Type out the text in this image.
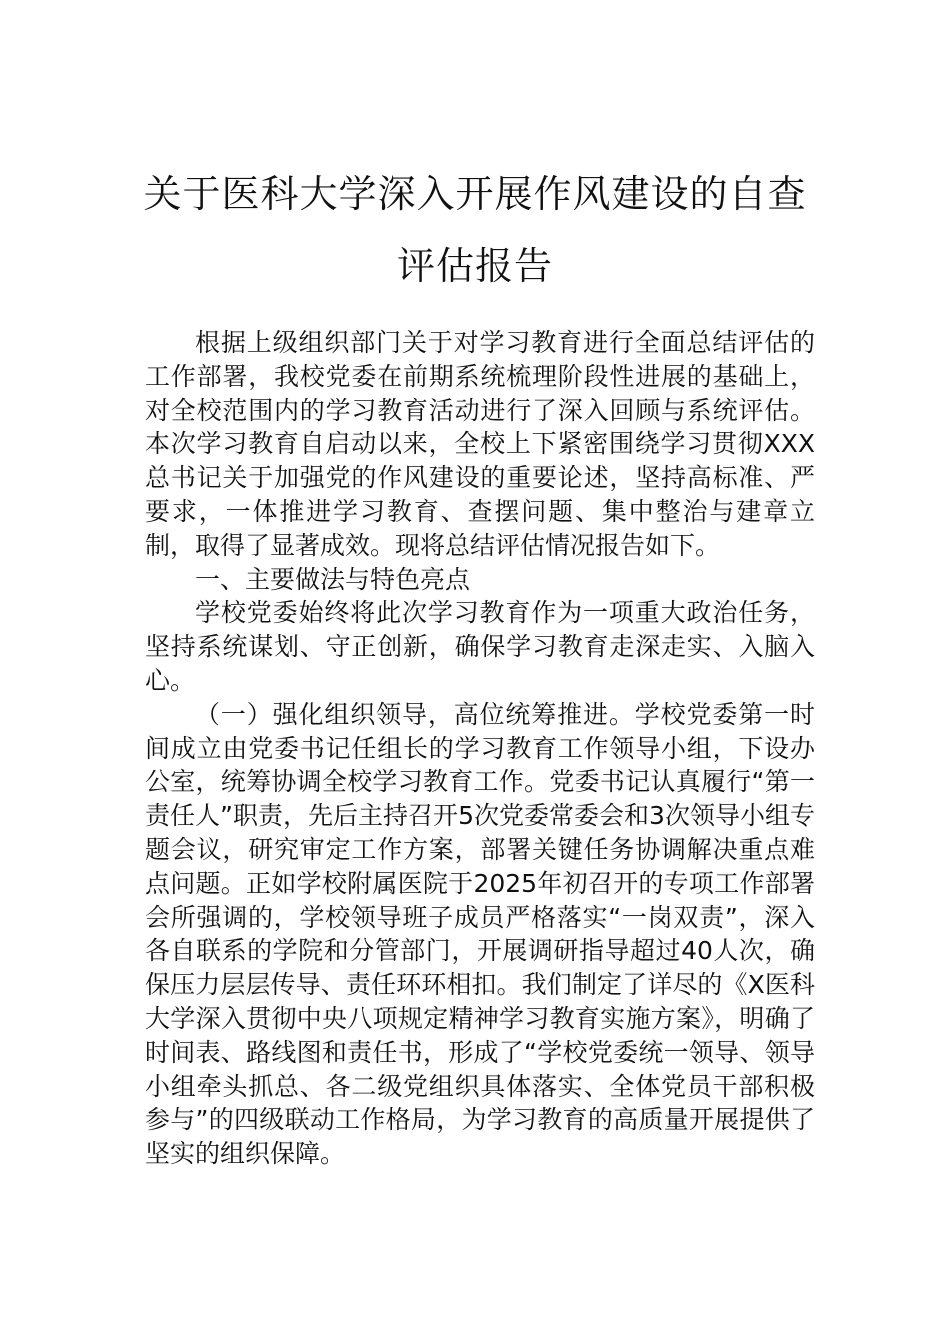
关于医科大学深入开展作风建设的自查评估报告

根据上级组织部门关于对学习教育进行全面总结评估的工作部署，我校党委在前期系统梳理阶段性进展的基础上，对全校范围内的学习教育活动进行了深入回顾与系统评估。本次学习教育自启动以来，全校上下紧密围绕学习贯彻XXX总书记关于加强党的作风建设的重要论述，坚持高标准、严要求，一体推进学习教育、查摆问题、集中整治与建章立制，取得了显著成效。现将总结评估情况报告如下。

一、主要做法与特色亮点

学校党委始终将此次学习教育作为一项重大政治任务，坚持系统谋划、守正创新，确保学习教育走深走实、入脑入心。

（一）强化组织领导，高位统筹推进。学校党委第一时间成立由党委书记任组长的学习教育工作领导小组，下设办公室，统筹协调全校学习教育工作。党委书记认真履行“第一责任人”职责，先后主持召开5次党委常委会和3次领导小组专题会议，研究审定工作方案，部署关键任务协调解决重点难点问题。正如学校附属医院于2025年初召开的专项工作部署会所强调的，学校领导班子成员严格落实“一岗双责”，深入各自联系的学院和分管部门，开展调研指导超过40人次，确保压力层层传导、责任环环相扣。我们制定了详尽的《X医科大学深入贯彻中央八项规定精神学习教育实施方案》，明确了时间表、路线图和责任书，形成了“学校党委统一领导、领导小组牵头抓总、各二级党组织具体落实、全体党员干部积极参与”的四级联动工作格局，为学习教育的高质量开展提供了坚实的组织保障。
